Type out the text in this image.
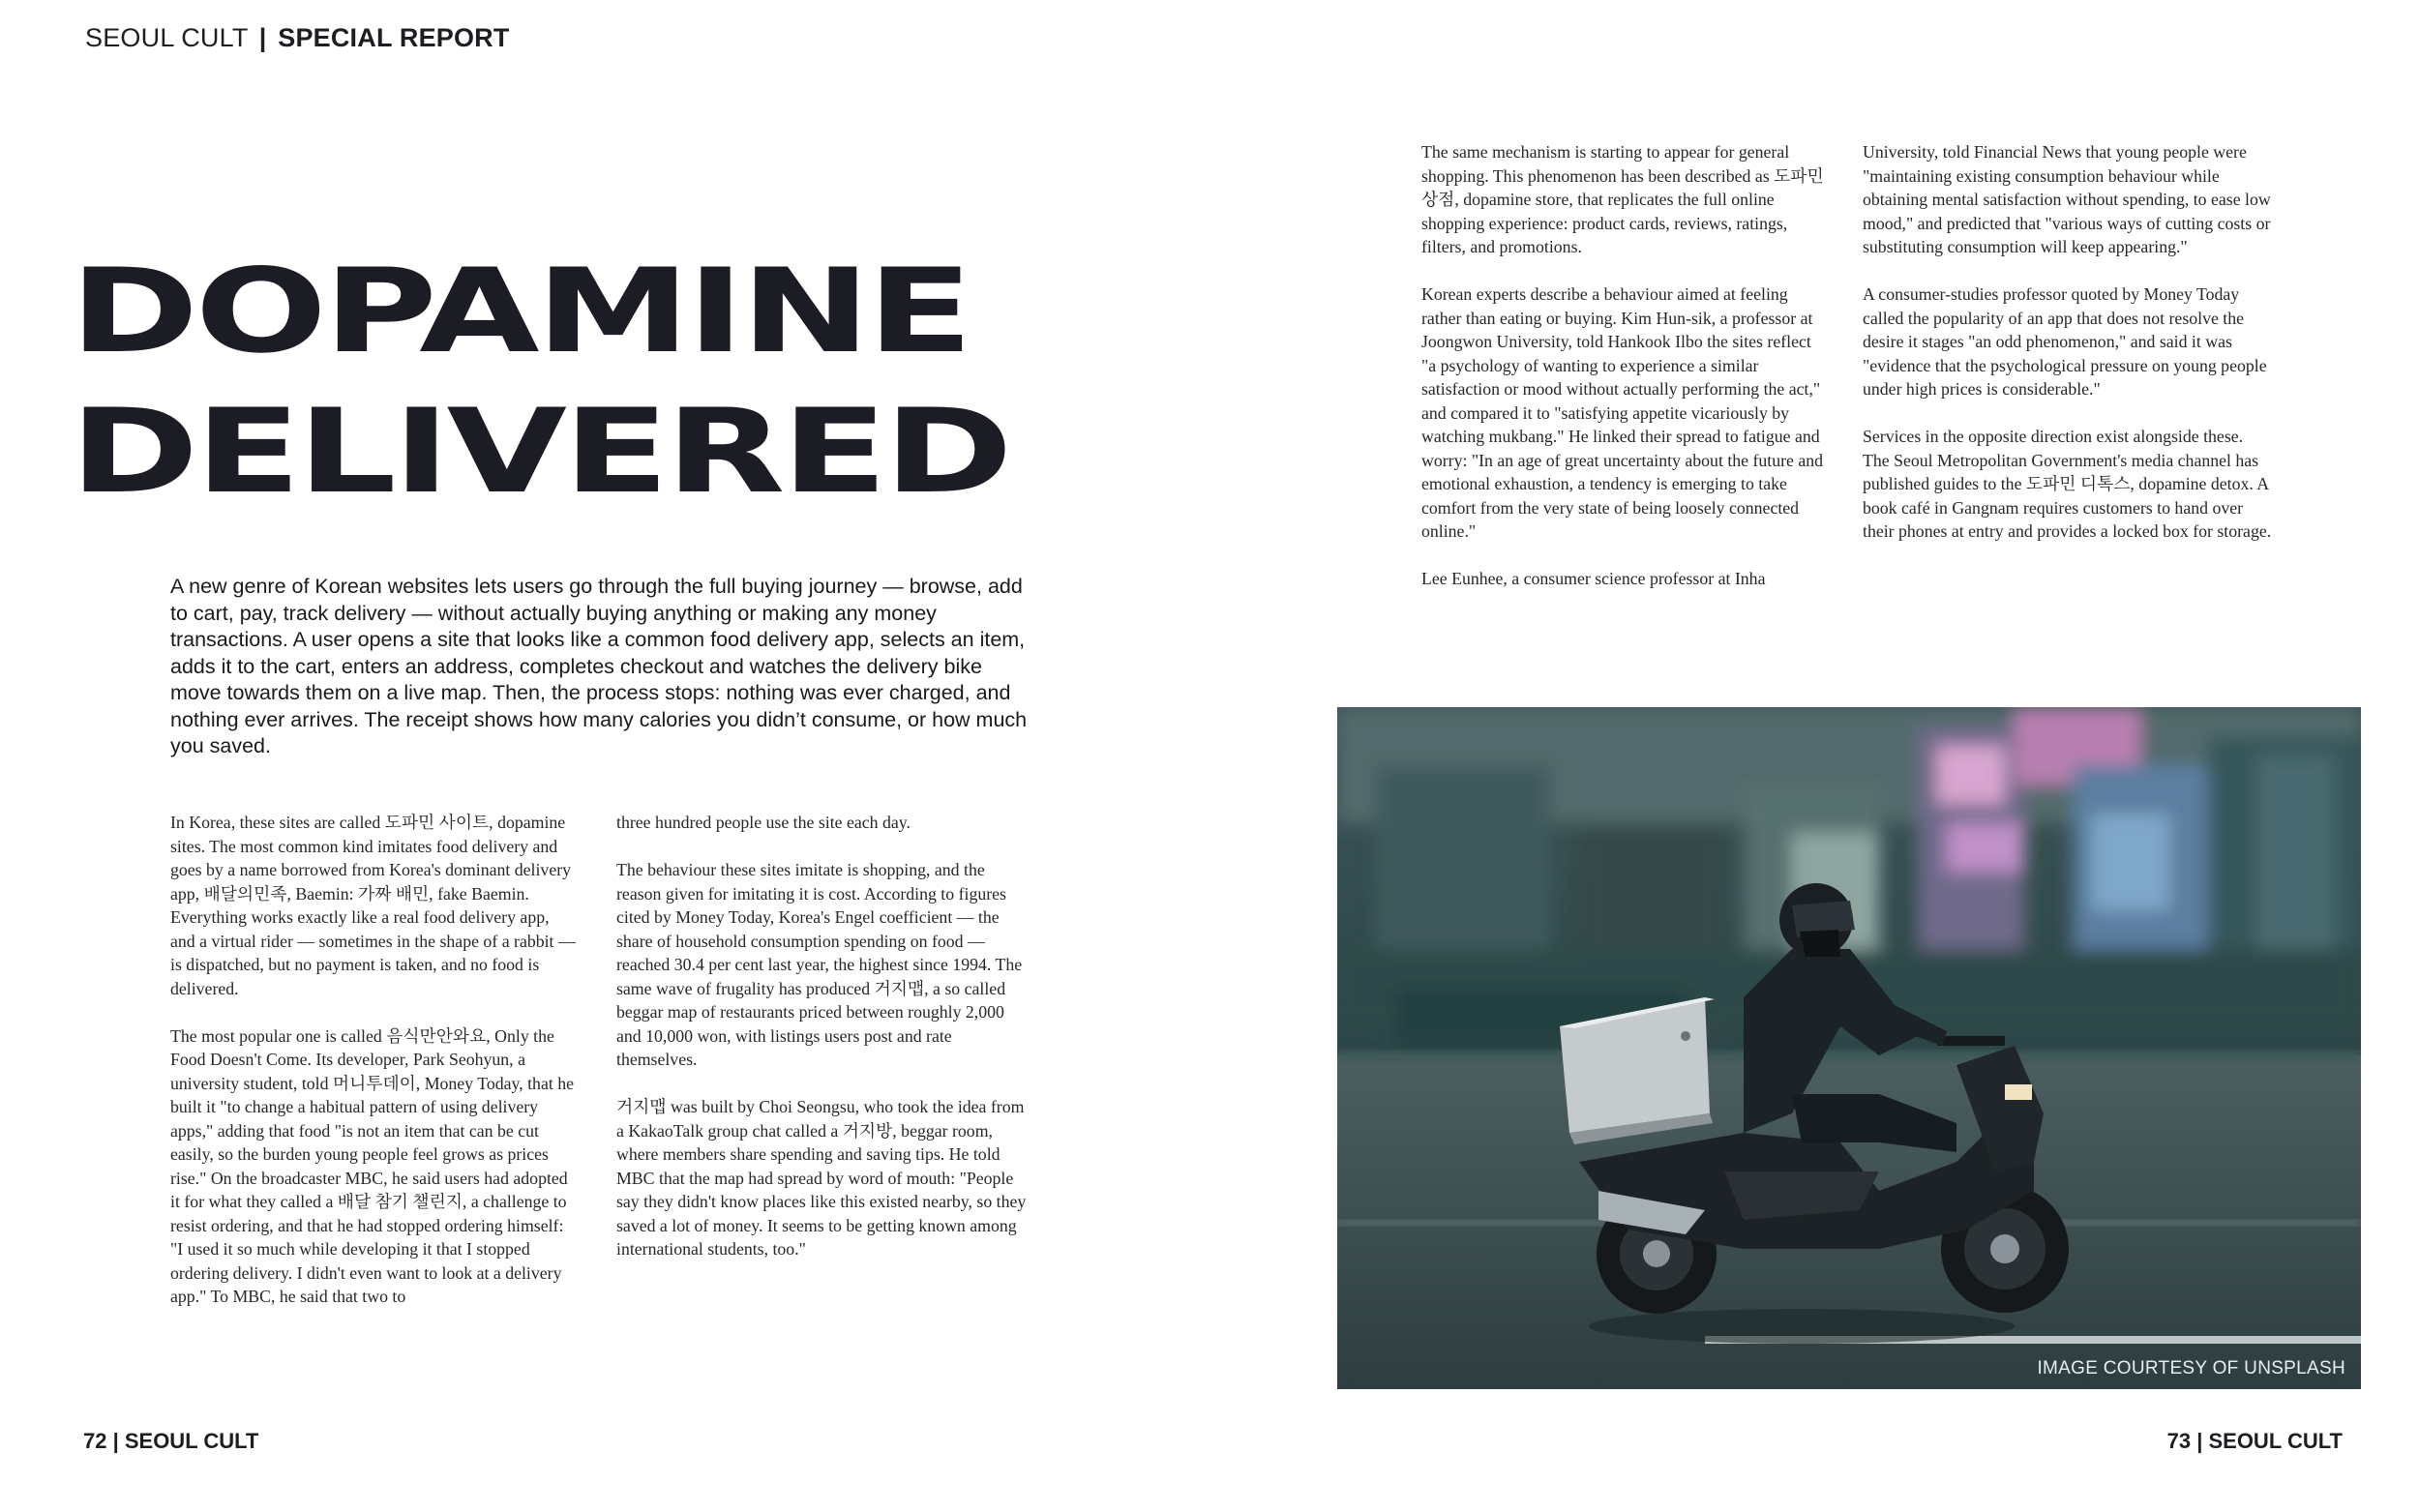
SEOUL CULT | SPECIAL REPORT
DOPAMINE
DELIVERED
A new genre of Korean websites lets users go through the full buying journey — browse, add to cart, pay, track delivery — without actually buying anything or making any money transactions. A user opens a site that looks like a common food delivery app, selects an item, adds it to the cart, enters an address, completes checkout and watches the delivery bike move towards them on a live map. Then, the process stops: nothing was ever charged, and nothing ever arrives. The receipt shows how many calories you didn’t consume, or how much you saved.

In Korea, these sites are called 도파민 사이트, dopamine sites. The most common kind imitates food delivery and goes by a name borrowed from Korea's dominant delivery app, 배달의민족, Baemin: 가짜 배민, fake Baemin. Everything works exactly like a real food delivery app, and a virtual rider — sometimes in the shape of a rabbit — is dispatched, but no payment is taken, and no food is delivered.

The most popular one is called 음식만안와요, Only the Food Doesn't Come. Its developer, Park Seohyun, a university student, told 머니투데이, Money Today, that he built it "to change a habitual pattern of using delivery apps," adding that food "is not an item that can be cut easily, so the burden young people feel grows as prices rise." On the broadcaster MBC, he said users had adopted it for what they called a 배달 참기 챌린지, a challenge to resist ordering, and that he had stopped ordering himself: "I used it so much while developing it that I stopped ordering delivery. I didn't even want to look at a delivery app." To MBC, he said that two to

three hundred people use the site each day.

The behaviour these sites imitate is shopping, and the reason given for imitating it is cost. According to figures cited by Money Today, Korea's Engel coefficient — the share of household consumption spending on food — reached 30.4 per cent last year, the highest since 1994. The same wave of frugality has produced 거지맵, a so called beggar map of restaurants priced between roughly 2,000 and 10,000 won, with listings users post and rate themselves.

거지맵 was built by Choi Seongsu, who took the idea from a KakaoTalk group chat called a 거지방, beggar room, where members share spending and saving tips. He told MBC that the map had spread by word of mouth: "People say they didn't know places like this existed nearby, so they saved a lot of money. It seems to be getting known among international students, too."

The same mechanism is starting to appear for general shopping. This phenomenon has been described as 도파민 상점, dopamine store, that replicates the full online shopping experience: product cards, reviews, ratings, filters, and promotions.

Korean experts describe a behaviour aimed at feeling rather than eating or buying. Kim Hun-sik, a professor at Joongwon University, told Hankook Ilbo the sites reflect "a psychology of wanting to experience a similar satisfaction or mood without actually performing the act," and compared it to "satisfying appetite vicariously by watching mukbang." He linked their spread to fatigue and worry: "In an age of great uncertainty about the future and emotional exhaustion, a tendency is emerging to take comfort from the very state of being loosely connected online."

Lee Eunhee, a consumer science professor at Inha

University, told Financial News that young people were "maintaining existing consumption behaviour while obtaining mental satisfaction without spending, to ease low mood," and predicted that "various ways of cutting costs or substituting consumption will keep appearing."

A consumer-studies professor quoted by Money Today called the popularity of an app that does not resolve the desire it stages "an odd phenomenon," and said it was "evidence that the psychological pressure on young people under high prices is considerable."

Services in the opposite direction exist alongside these. The Seoul Metropolitan Government's media channel has published guides to the 도파민 디톡스, dopamine detox. A book café in Gangnam requires customers to hand over their phones at entry and provides a locked box for storage.

IMAGE COURTESY OF UNSPLASH
72 | SEOUL CULT	73 | SEOUL CULT
